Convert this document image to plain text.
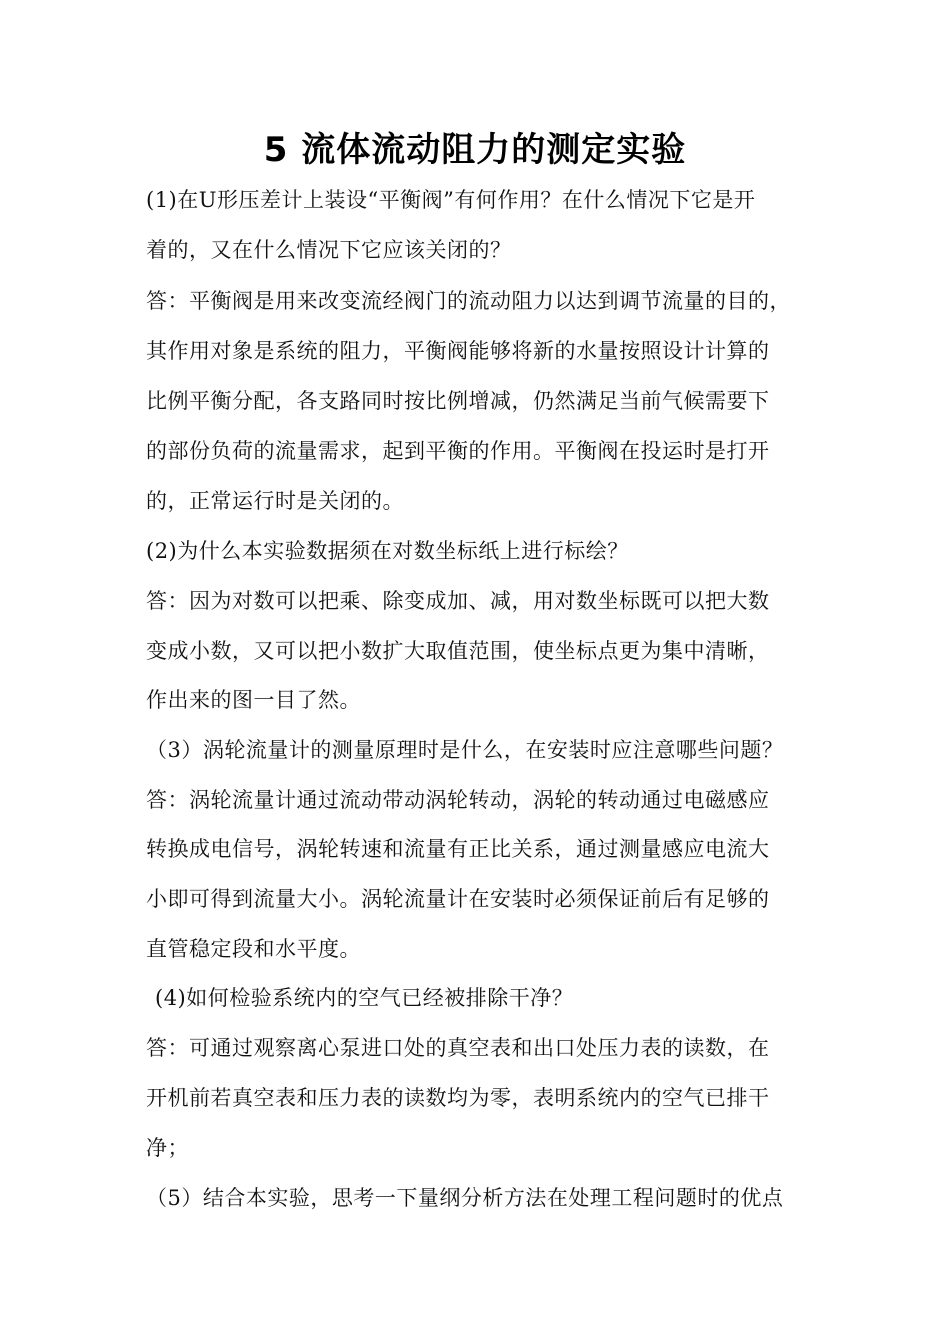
5 流体流动阻力的测定实验
(1)在U形压差计上装设“平衡阀”有何作用？在什么情况下它是开
着的，又在什么情况下它应该关闭的？
答：平衡阀是用来改变流经阀门的流动阻力以达到调节流量的目的，
其作用对象是系统的阻力，平衡阀能够将新的水量按照设计计算的
比例平衡分配，各支路同时按比例增减，仍然满足当前气候需要下
的部份负荷的流量需求，起到平衡的作用。平衡阀在投运时是打开
的，正常运行时是关闭的。
(2)为什么本实验数据须在对数坐标纸上进行标绘？
答：因为对数可以把乘、除变成加、减，用对数坐标既可以把大数
变成小数，又可以把小数扩大取值范围，使坐标点更为集中清晰，
作出来的图一目了然。
（3）涡轮流量计的测量原理时是什么，在安装时应注意哪些问题？
答：涡轮流量计通过流动带动涡轮转动，涡轮的转动通过电磁感应
转换成电信号，涡轮转速和流量有正比关系，通过测量感应电流大
小即可得到流量大小。涡轮流量计在安装时必须保证前后有足够的
直管稳定段和水平度。
(4)如何检验系统内的空气已经被排除干净？
答：可通过观察离心泵进口处的真空表和出口处压力表的读数，在
开机前若真空表和压力表的读数均为零，表明系统内的空气已排干
净；
（5）结合本实验，思考一下量纲分析方法在处理工程问题时的优点
